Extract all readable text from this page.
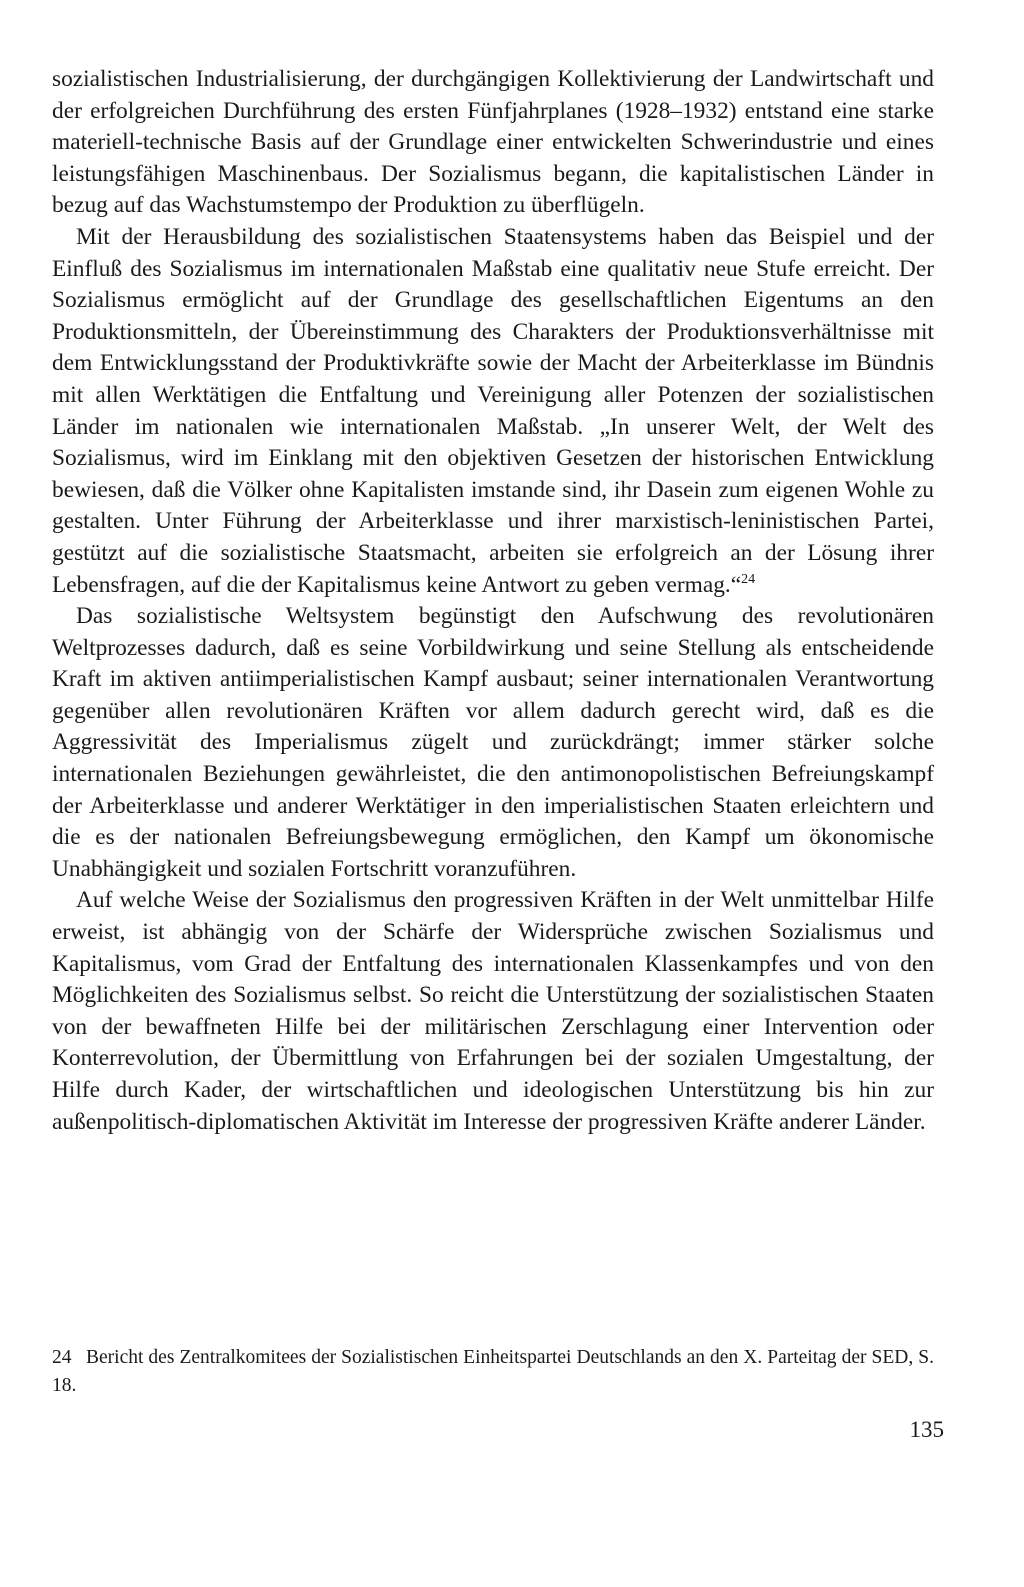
sozialistischen Industrialisierung, der durchgängigen Kollektivierung der Landwirtschaft und der erfolgreichen Durchführung des ersten Fünfjahrplanes (1928–1932) entstand eine starke materiell-technische Basis auf der Grundlage einer entwickelten Schwerindustrie und eines leistungsfähigen Maschinenbaus. Der Sozialismus begann, die kapitalistischen Länder in bezug auf das Wachstumstempo der Produktion zu überflügeln.

Mit der Herausbildung des sozialistischen Staatensystems haben das Beispiel und der Einfluß des Sozialismus im internationalen Maßstab eine qualitativ neue Stufe erreicht. Der Sozialismus ermöglicht auf der Grundlage des gesellschaftlichen Eigentums an den Produktionsmitteln, der Übereinstimmung des Charakters der Produktionsverhältnisse mit dem Entwicklungsstand der Produktivkräfte sowie der Macht der Arbeiterklasse im Bündnis mit allen Werktätigen die Entfaltung und Vereinigung aller Potenzen der sozialistischen Länder im nationalen wie internationalen Maßstab. „In unserer Welt, der Welt des Sozialismus, wird im Einklang mit den objektiven Gesetzen der historischen Entwicklung bewiesen, daß die Völker ohne Kapitalisten imstande sind, ihr Dasein zum eigenen Wohle zu gestalten. Unter Führung der Arbeiterklasse und ihrer marxistisch-leninistischen Partei, gestützt auf die sozialistische Staatsmacht, arbeiten sie erfolgreich an der Lösung ihrer Lebensfragen, auf die der Kapitalismus keine Antwort zu geben vermag.“$^{24}$

Das sozialistische Weltsystem begünstigt den Aufschwung des revolutionären Weltprozesses dadurch, daß es seine Vorbildwirkung und seine Stellung als entscheidende Kraft im aktiven antiimperialistischen Kampf ausbaut; seiner internationalen Verantwortung gegenüber allen revolutionären Kräften vor allem dadurch gerecht wird, daß es die Aggressivität des Imperialismus zügelt und zurückdrängt; immer stärker solche internationalen Beziehungen gewährleistet, die den antimonopolistischen Befreiungskampf der Arbeiterklasse und anderer Werktätiger in den imperialistischen Staaten erleichtern und die es der nationalen Befreiungsbewegung ermöglichen, den Kampf um ökonomische Unabhängigkeit und sozialen Fortschritt voranzuführen.

Auf welche Weise der Sozialismus den progressiven Kräften in der Welt unmittelbar Hilfe erweist, ist abhängig von der Schärfe der Widersprüche zwischen Sozialismus und Kapitalismus, vom Grad der Entfaltung des internationalen Klassenkampfes und von den Möglichkeiten des Sozialismus selbst. So reicht die Unterstützung der sozialistischen Staaten von der bewaffneten Hilfe bei der militärischen Zerschlagung einer Intervention oder Konterrevolution, der Übermittlung von Erfahrungen bei der sozialen Umgestaltung, der Hilfe durch Kader, der wirtschaftlichen und ideologischen Unterstützung bis hin zur außenpolitisch-diplomatischen Aktivität im Interesse der progressiven Kräfte anderer Länder.

24 Bericht des Zentralkomitees der Sozialistischen Einheitspartei Deutschlands an den X. Parteitag der SED, S. 18.

135
